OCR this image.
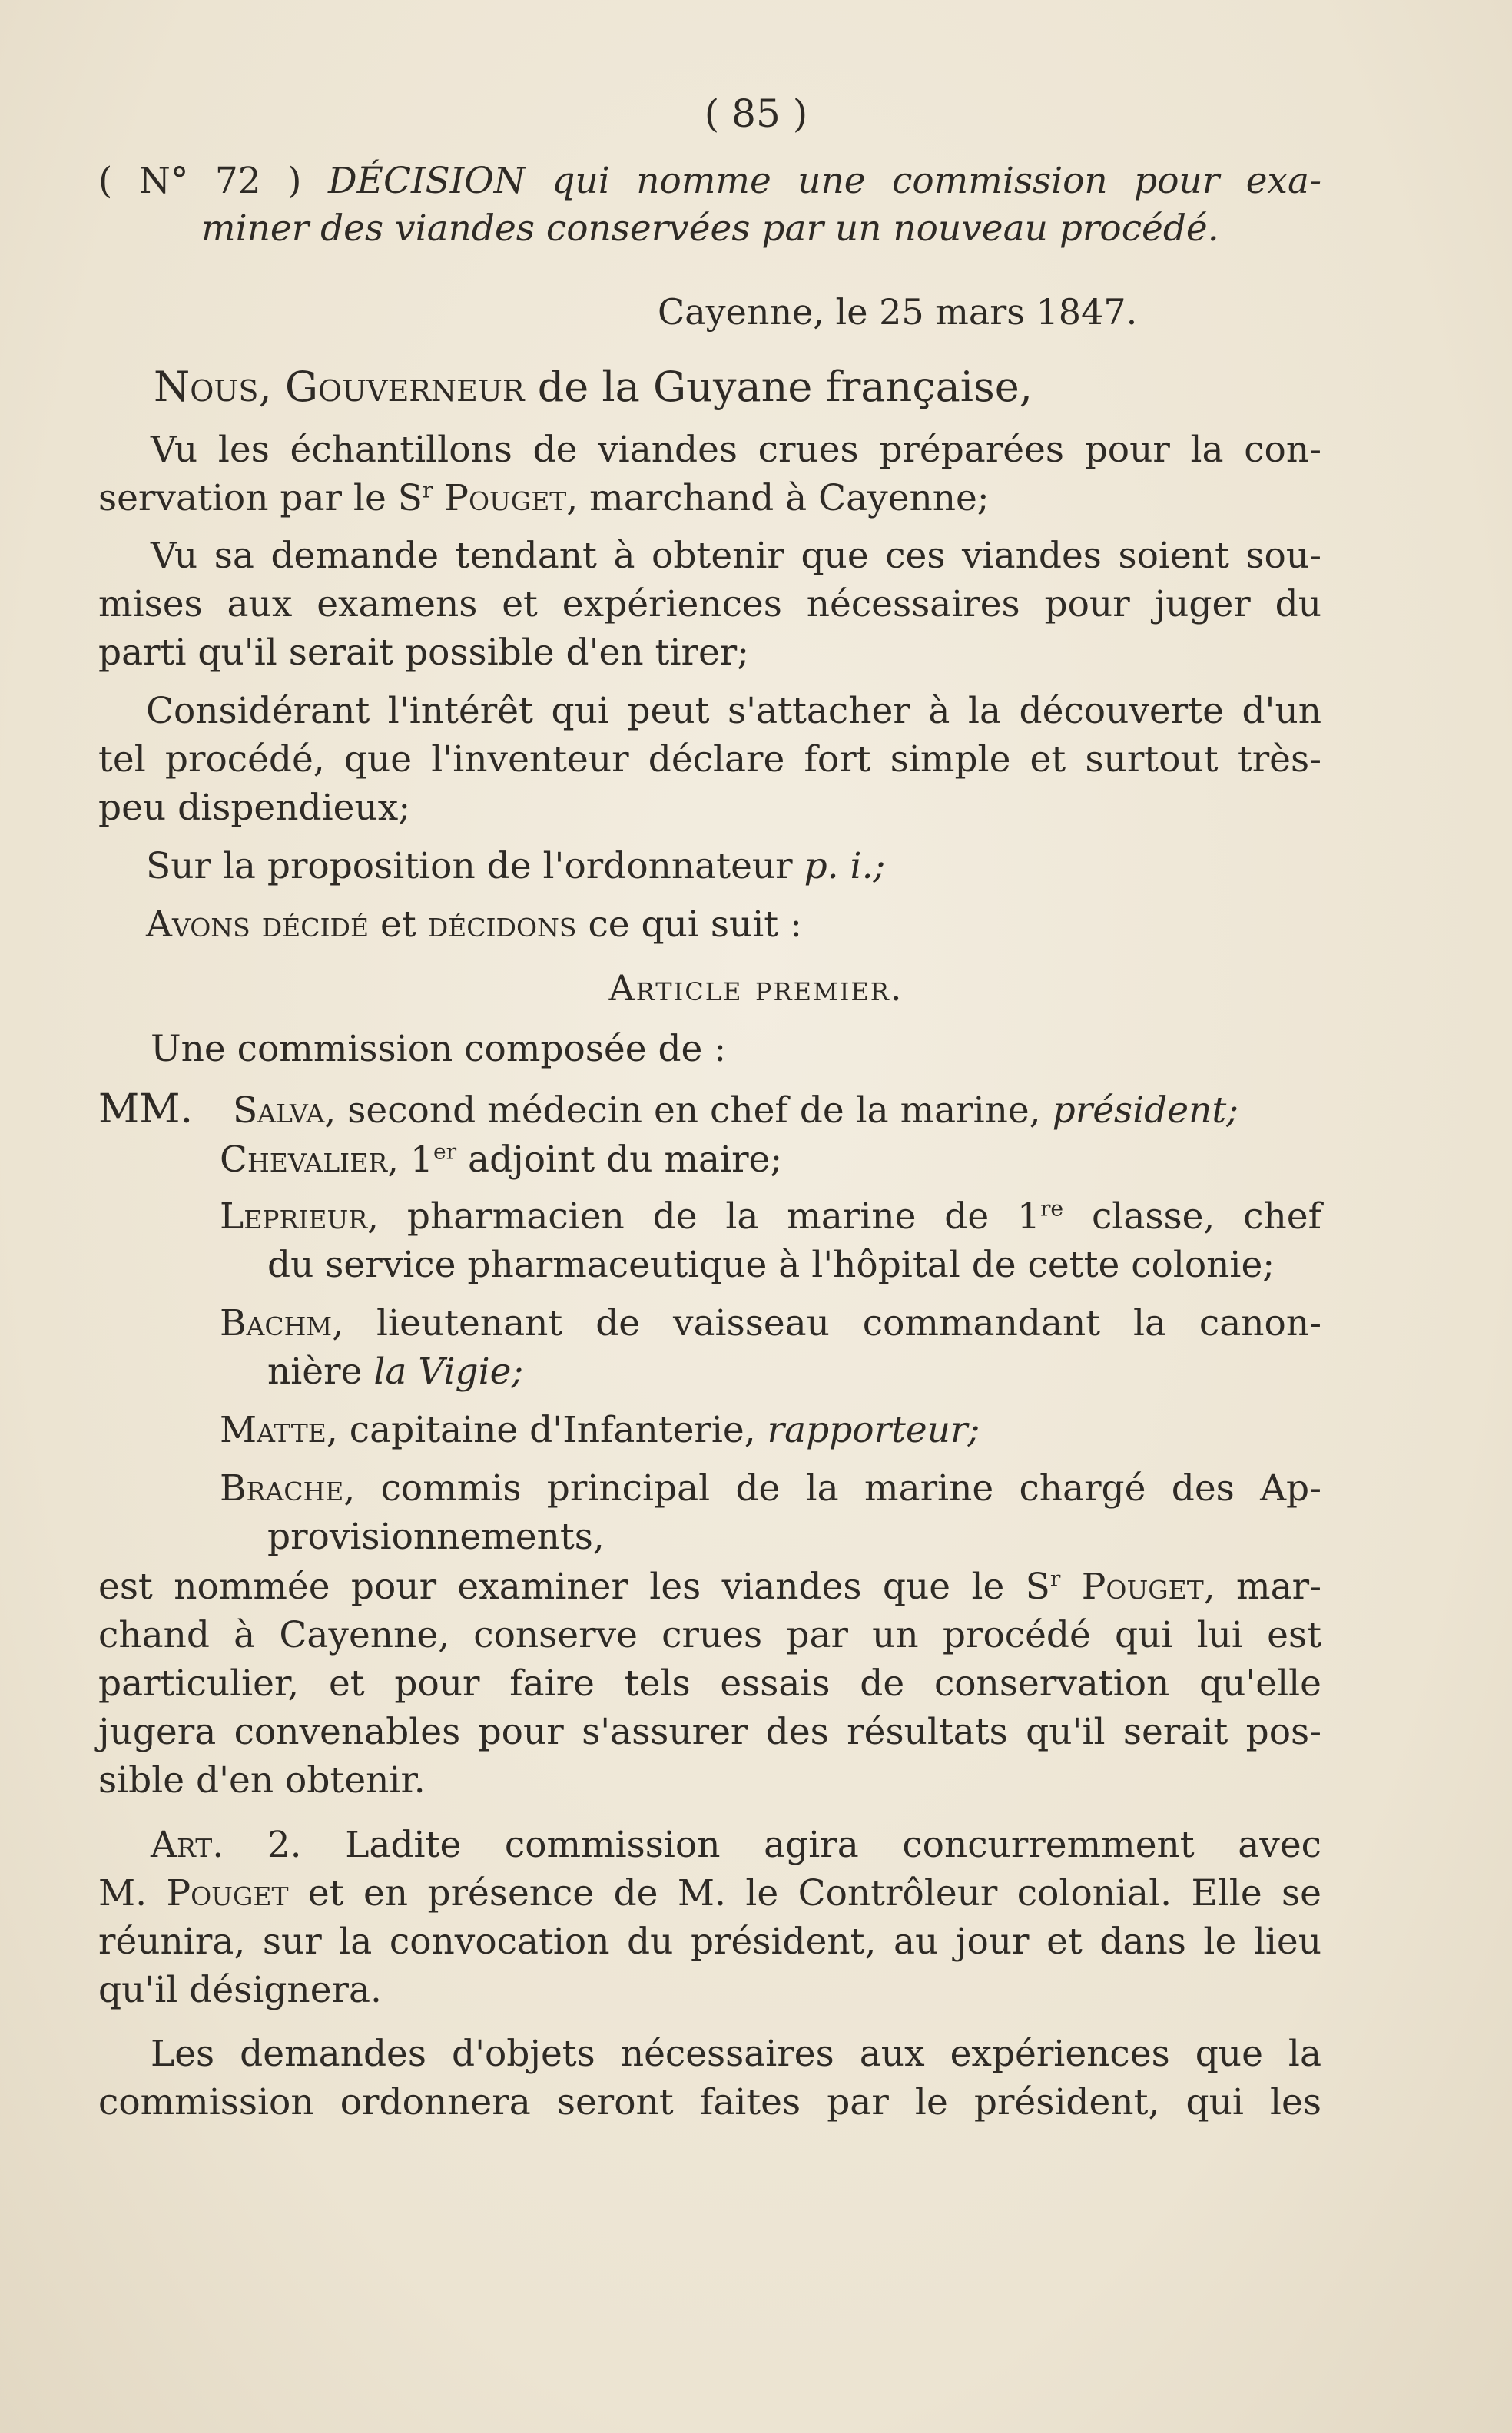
( 85 )
( N° 72 ) DÉCISION qui nomme une commission pour exa-
miner des viandes conservées par un nouveau procédé.
Cayenne, le 25 mars 1847.
Nous, Gouverneur de la Guyane française,
Vu les échantillons de viandes crues préparées pour la con-
servation par le $S^r$ Pouget, marchand à Cayenne;
Vu sa demande tendant à obtenir que ces viandes soient sou-
mises aux examens et expériences nécessaires pour juger du
parti qu'il serait possible d'en tirer;
Considérant l'intérêt qui peut s'attacher à la découverte d'un
tel procédé, que l'inventeur déclare fort simple et surtout très-
peu dispendieux;
Sur la proposition de l'ordonnateur p. i.;
Avons décidé et décidons ce qui suit :
Article premier.
Une commission composée de :
MM. Salva, second médecin en chef de la marine, président;
Chevalier, 1er adjoint du maire;
Leprieur, pharmacien de la marine de 1re classe, chef
du service pharmaceutique à l'hôpital de cette colonie;
Bachm, lieutenant de vaisseau commandant la canon-
nière la Vigie;
Matte, capitaine d'Infanterie, rapporteur;
Brache, commis principal de la marine chargé des Ap-
provisionnements,
est nommée pour examiner les viandes que le $S^r$ Pouget, mar-
chand à Cayenne, conserve crues par un procédé qui lui est
particulier, et pour faire tels essais de conservation qu'elle
jugera convenables pour s'assurer des résultats qu'il serait pos-
sible d'en obtenir.
Art. 2. Ladite commission agira concurremment avec
M. Pouget et en présence de M. le Contrôleur colonial. Elle se
réunira, sur la convocation du président, au jour et dans le lieu
qu'il désignera.
Les demandes d'objets nécessaires aux expériences que la
commission ordonnera seront faites par le président, qui les
